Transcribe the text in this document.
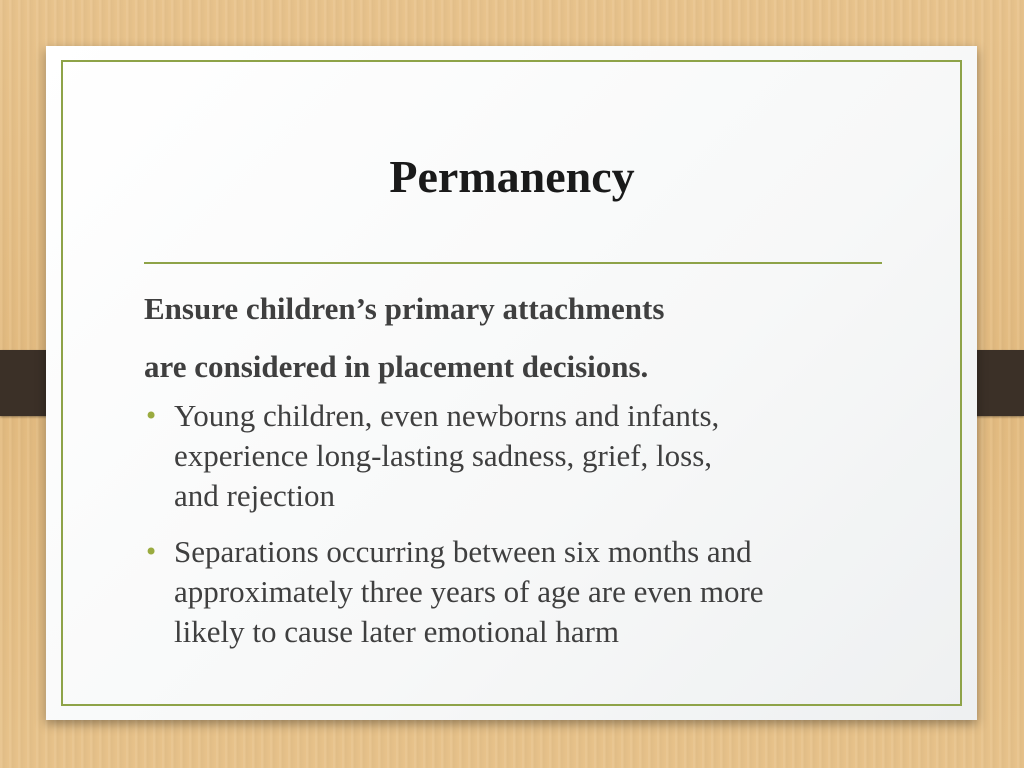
Permanency

Ensure children’s primary attachments
are considered in placement decisions.

• Young children, even newborns and infants,
experience long-lasting sadness, grief, loss,
and rejection
• Separations occurring between six months and
approximately three years of age are even more
likely to cause later emotional harm
